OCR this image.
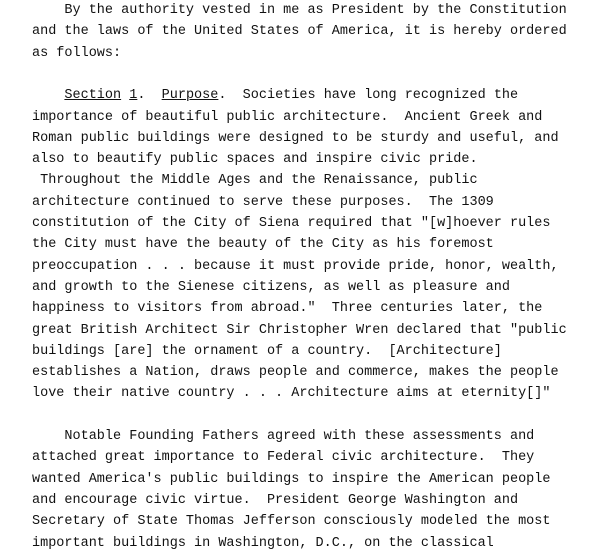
By the authority vested in me as President by the Constitution
and the laws of the United States of America, it is hereby ordered
as follows:
Section 1.  Purpose.  Societies have long recognized the
importance of beautiful public architecture.  Ancient Greek and
Roman public buildings were designed to be sturdy and useful, and
also to beautify public spaces and inspire civic pride.
Throughout the Middle Ages and the Renaissance, public
architecture continued to serve these purposes.  The 1309
constitution of the City of Siena required that "[w]hoever rules
the City must have the beauty of the City as his foremost
preoccupation . . . because it must provide pride, honor, wealth,
and growth to the Sienese citizens, as well as pleasure and
happiness to visitors from abroad."  Three centuries later, the
great British Architect Sir Christopher Wren declared that "public
buildings [are] the ornament of a country.  [Architecture]
establishes a Nation, draws people and commerce, makes the people
love their native country . . . Architecture aims at eternity[]"
Notable Founding Fathers agreed with these assessments and
attached great importance to Federal civic architecture.  They
wanted America's public buildings to inspire the American people
and encourage civic virtue.  President George Washington and
Secretary of State Thomas Jefferson consciously modeled the most
important buildings in Washington, D.C., on the classical
